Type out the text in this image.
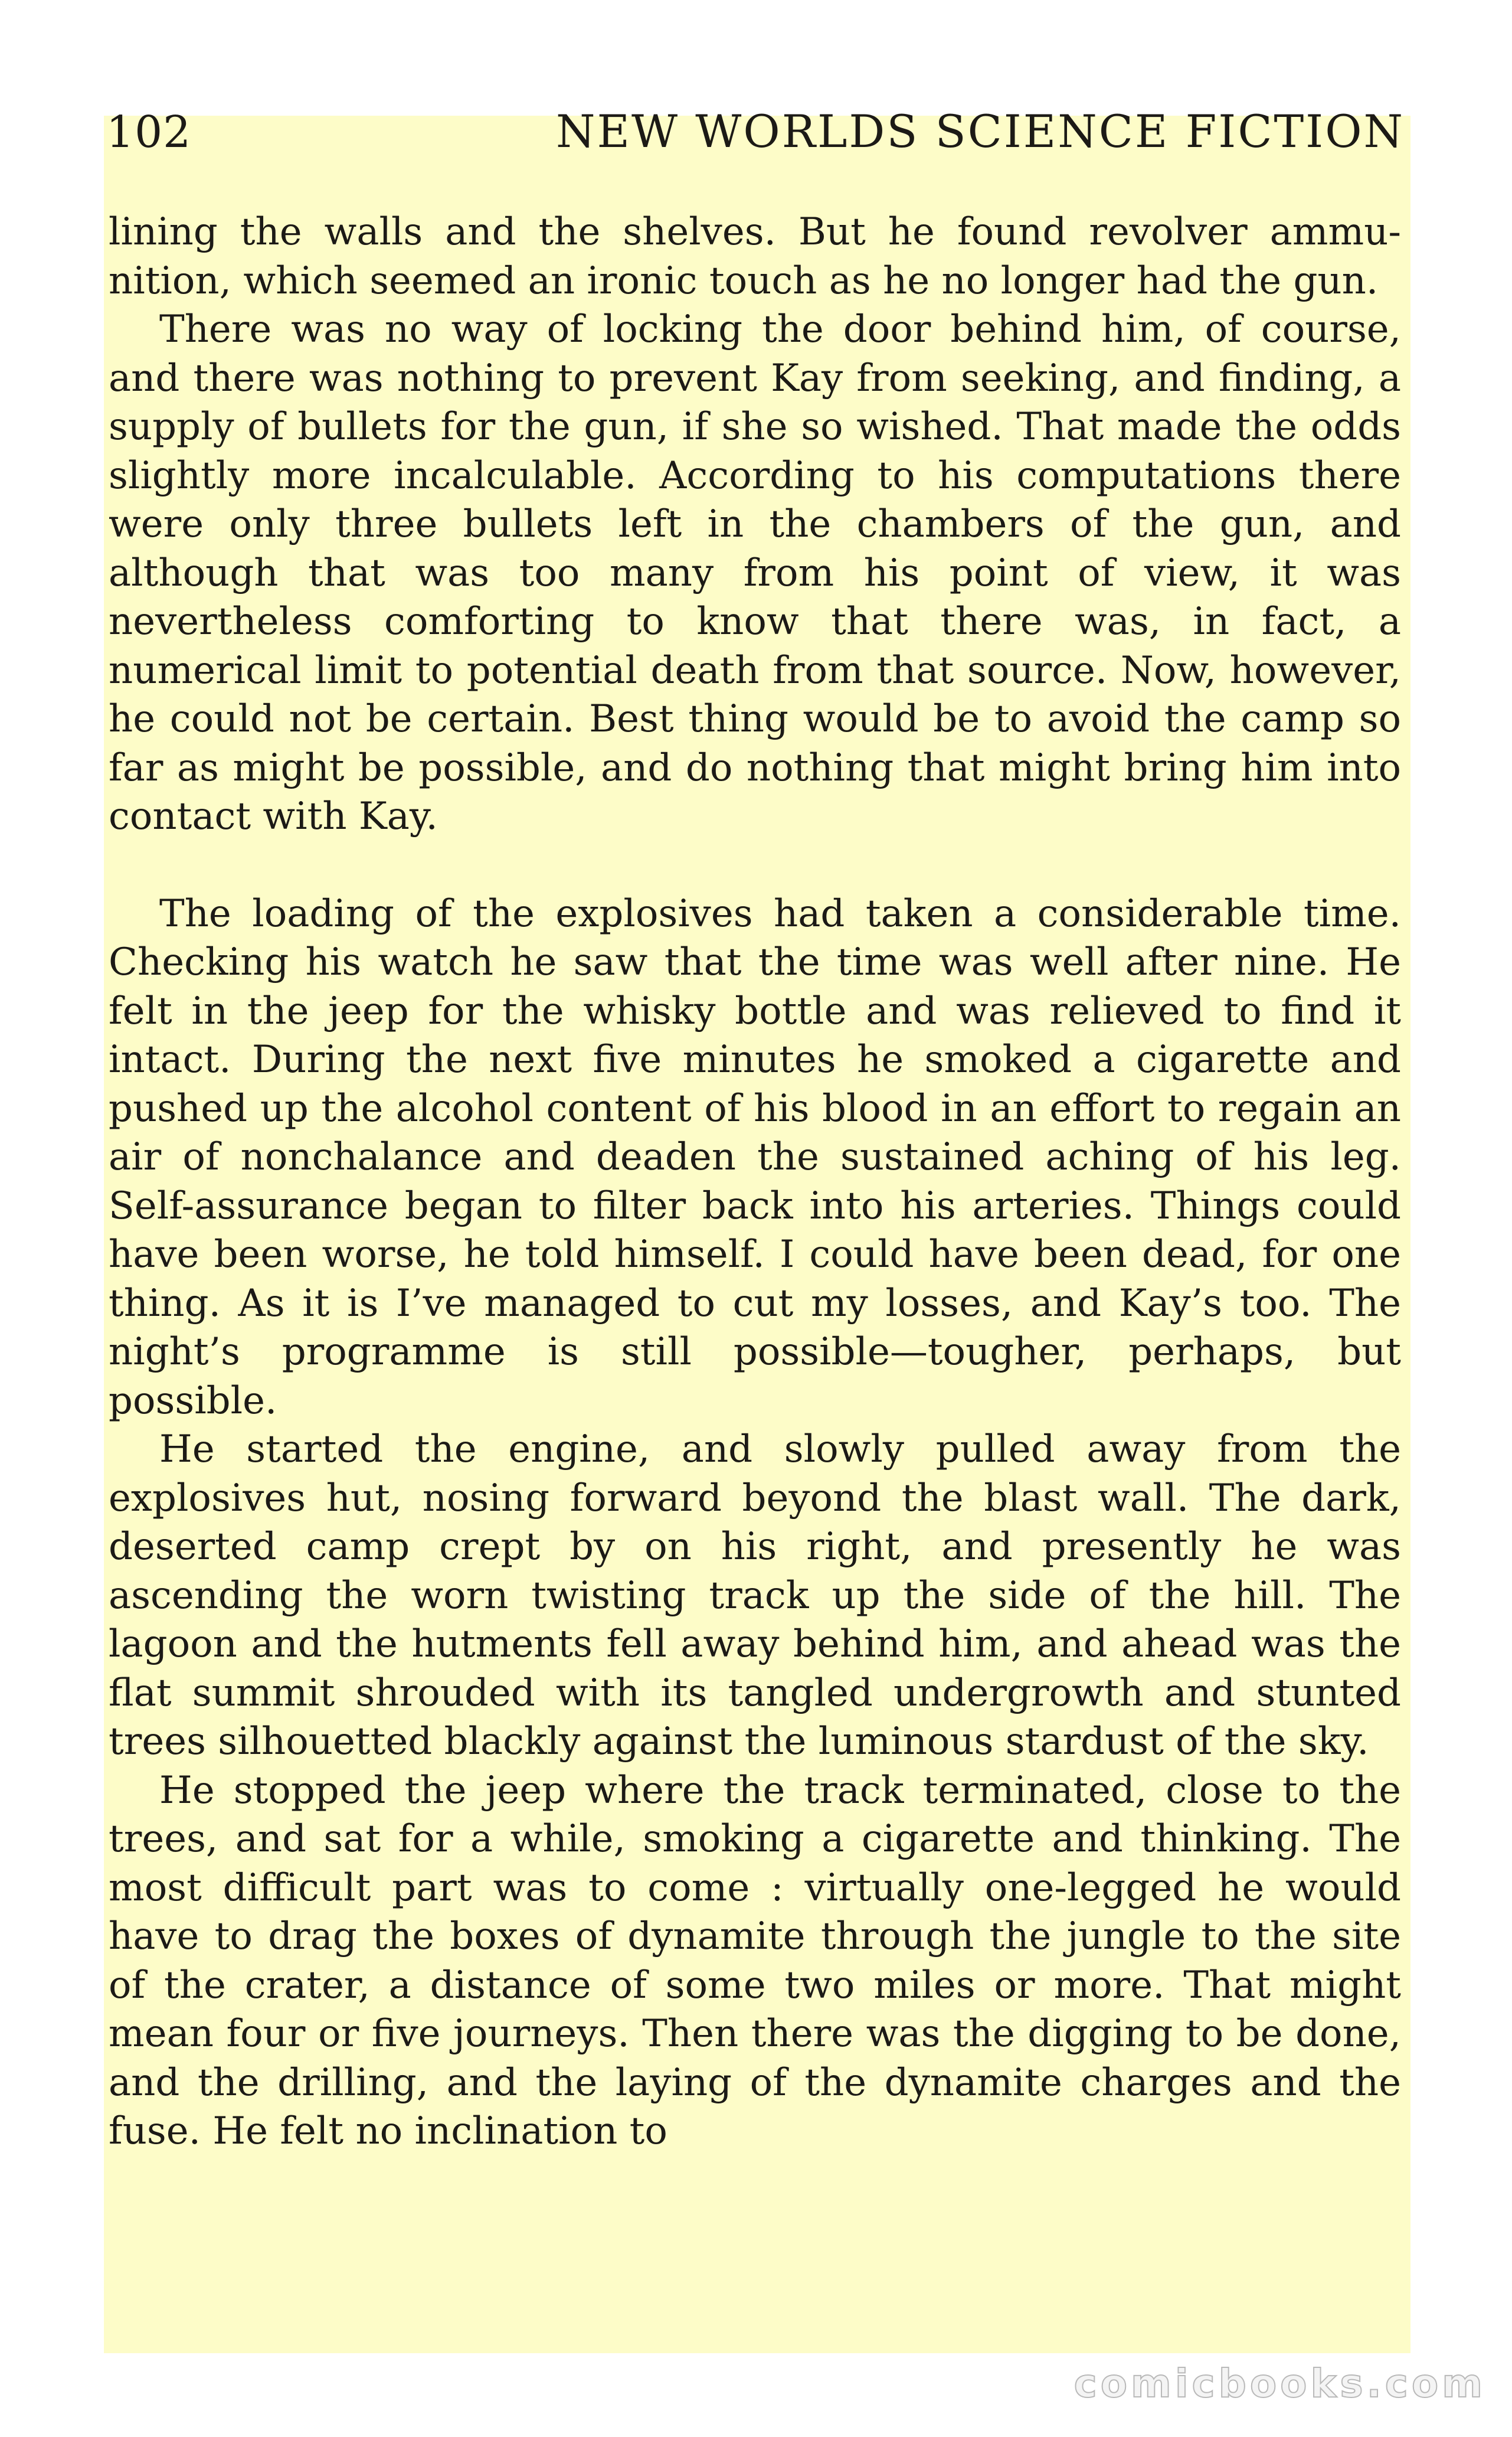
102	NEW WORLDS SCIENCE FICTION

lining the walls and the shelves. But he found revolver ammunition, which seemed an ironic touch as he no longer had the gun.

There was no way of locking the door behind him, of course, and there was nothing to prevent Kay from seeking, and finding, a supply of bullets for the gun, if she so wished. That made the odds slightly more incalculable. According to his computations there were only three bullets left in the chambers of the gun, and although that was too many from his point of view, it was nevertheless comforting to know that there was, in fact, a numerical limit to potential death from that source. Now, however, he could not be certain. Best thing would be to avoid the camp so far as might be possible, and do nothing that might bring him into contact with Kay.

The loading of the explosives had taken a considerable time. Checking his watch he saw that the time was well after nine. He felt in the jeep for the whisky bottle and was relieved to find it intact. During the next five minutes he smoked a cigarette and pushed up the alcohol content of his blood in an effort to regain an air of nonchalance and deaden the sustained aching of his leg. Self-assurance began to filter back into his arteries. Things could have been worse, he told himself. I could have been dead, for one thing. As it is I’ve managed to cut my losses, and Kay’s too. The night’s programme is still possible—tougher, perhaps, but possible.

He started the engine, and slowly pulled away from the explosives hut, nosing forward beyond the blast wall. The dark, deserted camp crept by on his right, and presently he was ascending the worn twisting track up the side of the hill. The lagoon and the hutments fell away behind him, and ahead was the flat summit shrouded with its tangled undergrowth and stunted trees silhouetted blackly against the luminous stardust of the sky.

He stopped the jeep where the track terminated, close to the trees, and sat for a while, smoking a cigarette and thinking. The most difficult part was to come : virtually one-legged he would have to drag the boxes of dynamite through the jungle to the site of the crater, a distance of some two miles or more. That might mean four or five journeys. Then there was the digging to be done, and the drilling, and the laying of the dynamite charges and the fuse. He felt no inclination to

comicbooks.com
